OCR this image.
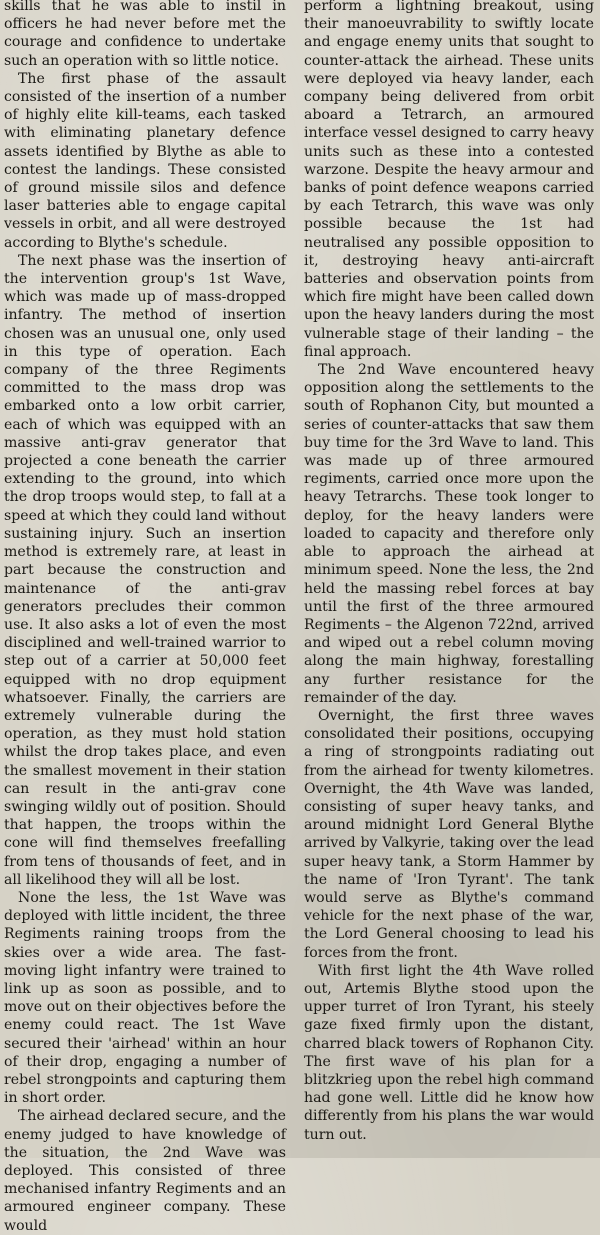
skills that he was able to instil in officers he had never before met the courage and confidence to undertake such an operation with so little notice.

The first phase of the assault consisted of the insertion of a number of highly elite kill-teams, each tasked with eliminating planetary defence assets identified by Blythe as able to contest the landings. These consisted of ground missile silos and defence laser batteries able to engage capital vessels in orbit, and all were destroyed according to Blythe's schedule.

The next phase was the insertion of the intervention group's 1st Wave, which was made up of mass-dropped infantry. The method of insertion chosen was an unusual one, only used in this type of operation. Each company of the three Regiments committed to the mass drop was embarked onto a low orbit carrier, each of which was equipped with an massive anti-grav generator that projected a cone beneath the carrier extending to the ground, into which the drop troops would step, to fall at a speed at which they could land without sustaining injury. Such an insertion method is extremely rare, at least in part because the construction and maintenance of the anti-grav generators precludes their common use. It also asks a lot of even the most disciplined and well-trained warrior to step out of a carrier at 50,000 feet equipped with no drop equipment whatsoever. Finally, the carriers are extremely vulnerable during the operation, as they must hold station whilst the drop takes place, and even the smallest movement in their station can result in the anti-grav cone swinging wildly out of position. Should that happen, the troops within the cone will find themselves freefalling from tens of thousands of feet, and in all likelihood they will all be lost.

None the less, the 1st Wave was deployed with little incident, the three Regiments raining troops from the skies over a wide area. The fast-moving light infantry were trained to link up as soon as possible, and to move out on their objectives before the enemy could react. The 1st Wave secured their 'airhead' within an hour of their drop, engaging a number of rebel strongpoints and capturing them in short order.

The airhead declared secure, and the enemy judged to have knowledge of the situation, the 2nd Wave was deployed. This consisted of three mechanised infantry Regiments and an armoured engineer company. These would

perform a lightning breakout, using their manoeuvrability to swiftly locate and engage enemy units that sought to counter-attack the airhead. These units were deployed via heavy lander, each company being delivered from orbit aboard a Tetrarch, an armoured interface vessel designed to carry heavy units such as these into a contested warzone. Despite the heavy armour and banks of point defence weapons carried by each Tetrarch, this wave was only possible because the 1st had neutralised any possible opposition to it, destroying heavy anti-aircraft batteries and observation points from which fire might have been called down upon the heavy landers during the most vulnerable stage of their landing – the final approach.

The 2nd Wave encountered heavy opposition along the settlements to the south of Rophanon City, but mounted a series of counter-attacks that saw them buy time for the 3rd Wave to land. This was made up of three armoured regiments, carried once more upon the heavy Tetrarchs. These took longer to deploy, for the heavy landers were loaded to capacity and therefore only able to approach the airhead at minimum speed. None the less, the 2nd held the massing rebel forces at bay until the first of the three armoured Regiments – the Algenon 722nd, arrived and wiped out a rebel column moving along the main highway, forestalling any further resistance for the remainder of the day.

Overnight, the first three waves consolidated their positions, occupying a ring of strongpoints radiating out from the airhead for twenty kilometres. Overnight, the 4th Wave was landed, consisting of super heavy tanks, and around midnight Lord General Blythe arrived by Valkyrie, taking over the lead super heavy tank, a Storm Hammer by the name of 'Iron Tyrant'. The tank would serve as Blythe's command vehicle for the next phase of the war, the Lord General choosing to lead his forces from the front.

With first light the 4th Wave rolled out, Artemis Blythe stood upon the upper turret of Iron Tyrant, his steely gaze fixed firmly upon the distant, charred black towers of Rophanon City. The first wave of his plan for a blitzkrieg upon the rebel high command had gone well. Little did he know how differently from his plans the war would turn out.
